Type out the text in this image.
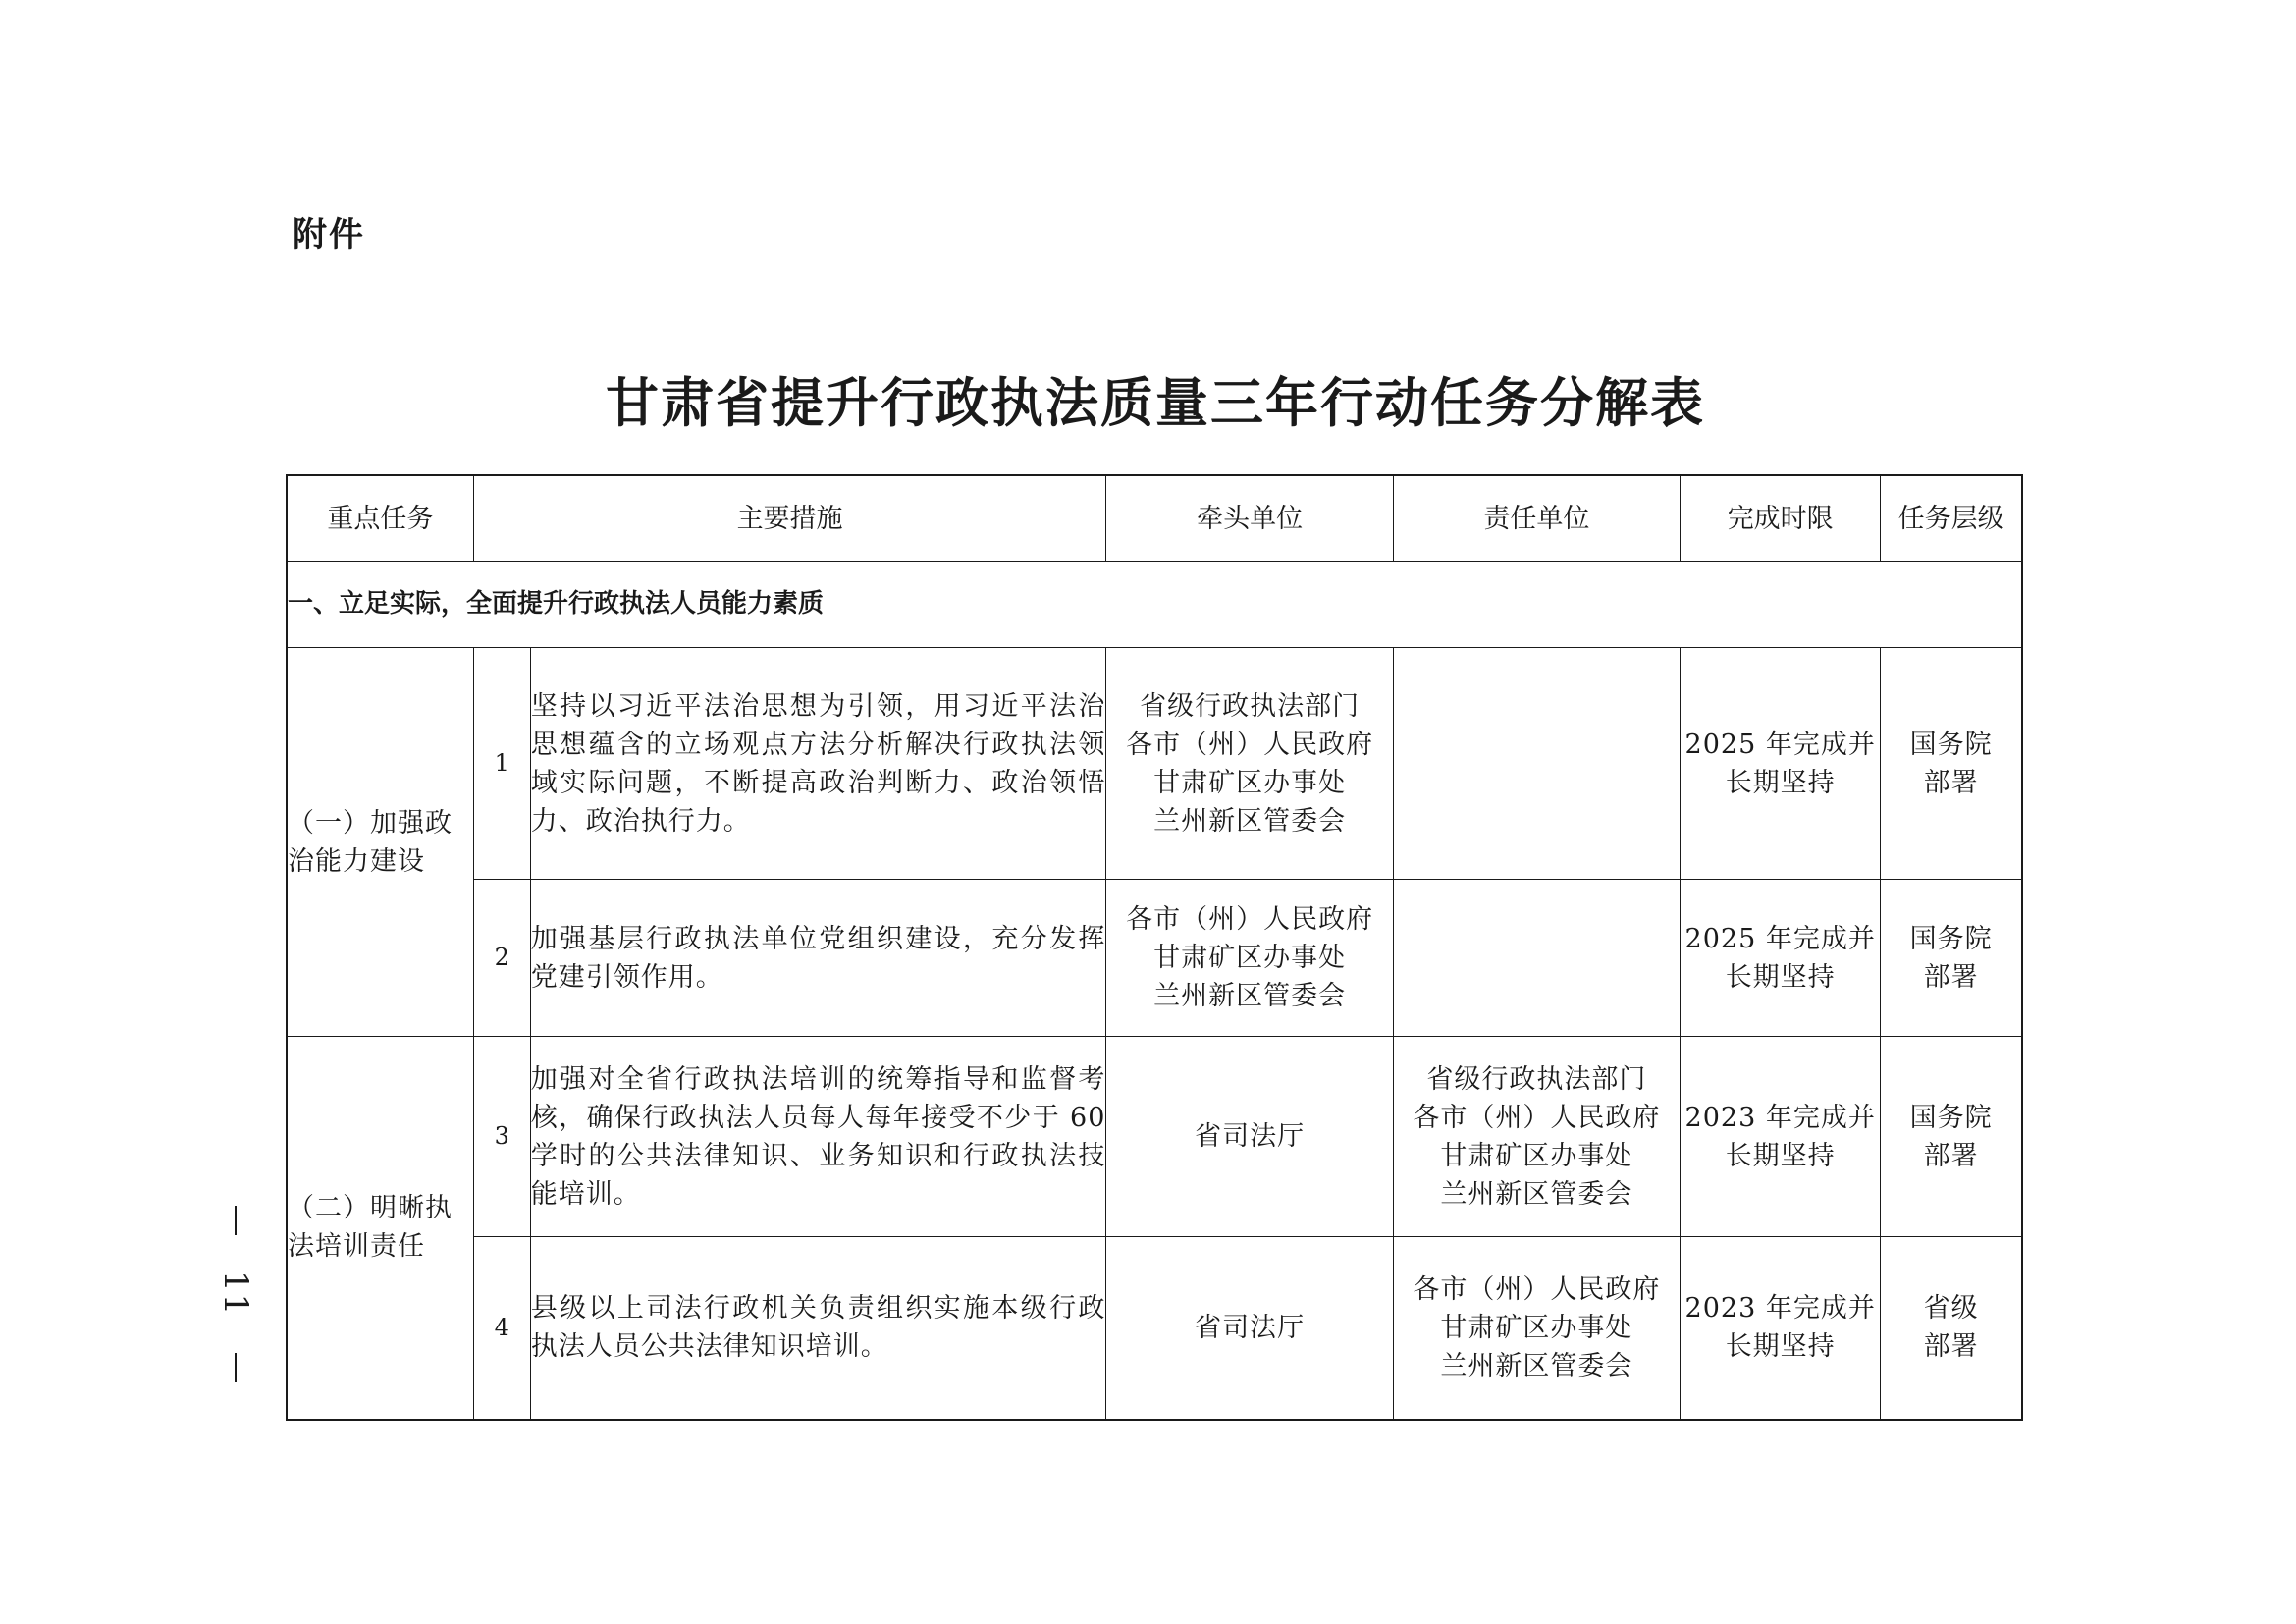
附件
甘肃省提升行政执法质量三年行动任务分解表
11
重点任务	主要措施		牵头单位	责任单位	完成时限	任务层级
一、立足实际，全面提升行政执法人员能力素质						
（一）加强政治能力建设	1	坚持以习近平法治思想为引领，用习近平法治思想蕴含的立场观点方法分析解决行政执法领域实际问题，不断提高政治判断力、政治领悟力、政治执行力。	省级行政执法部门
各市（州）人民政府
甘肃矿区办事处
兰州新区管委会		2025 年完成并
长期坚持	国务院
部署

	2	加强基层行政执法单位党组织建设，充分发挥党建引领作用。	各市（州）人民政府
甘肃矿区办事处
兰州新区管委会		2025 年完成并
长期坚持	国务院
部署

（二）明晰执法培训责任	3	加强对全省行政执法培训的统筹指导和监督考核，确保行政执法人员每人每年接受不少于 60 学时的公共法律知识、业务知识和行政执法技能培训。	省司法厅	省级行政执法部门
各市（州）人民政府
甘肃矿区办事处
兰州新区管委会	2023 年完成并
长期坚持	国务院
部署

	4	县级以上司法行政机关负责组织实施本级行政执法人员公共法律知识培训。	省司法厅	各市（州）人民政府
甘肃矿区办事处
兰州新区管委会	2023 年完成并
长期坚持	省级
部署
